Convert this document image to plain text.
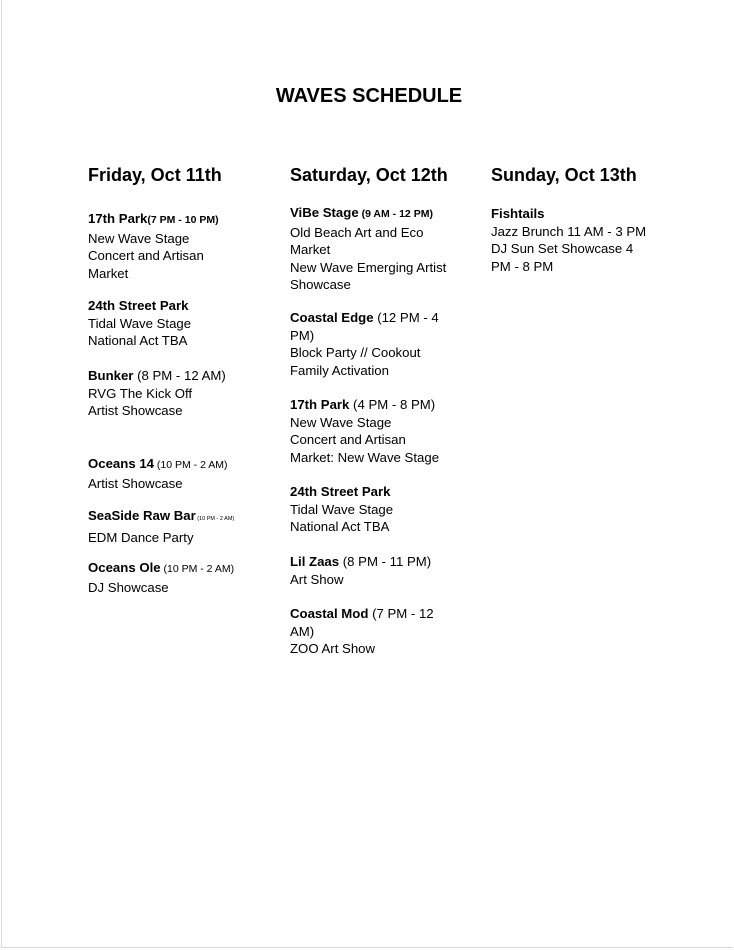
WAVES SCHEDULE

Friday, Oct 11th

17th Park(7 PM - 10 PM)
New Wave Stage
Concert and Artisan
Market
24th Street Park
Tidal Wave Stage
National Act TBA
Bunker (8 PM - 12 AM)
RVG The Kick Off
Artist Showcase
Oceans 14 (10 PM - 2 AM)
Artist Showcase
SeaSide Raw Bar (10 PM - 2 AM)
EDM Dance Party
Oceans Ole (10 PM - 2 AM)
DJ Showcase

Saturday, Oct 12th

ViBe Stage (9 AM - 12 PM)
Old Beach Art and Eco
Market
New Wave Emerging Artist
Showcase
Coastal Edge (12 PM - 4
PM)
Block Party // Cookout
Family Activation
17th Park (4 PM - 8 PM)
New Wave Stage
Concert and Artisan
Market: New Wave Stage
24th Street Park
Tidal Wave Stage
National Act TBA
Lil Zaas (8 PM - 11 PM)
Art Show
Coastal Mod (7 PM - 12
AM)
ZOO Art Show

Sunday, Oct 13th

Fishtails
Jazz Brunch 11 AM - 3 PM
DJ Sun Set Showcase 4
PM - 8 PM
